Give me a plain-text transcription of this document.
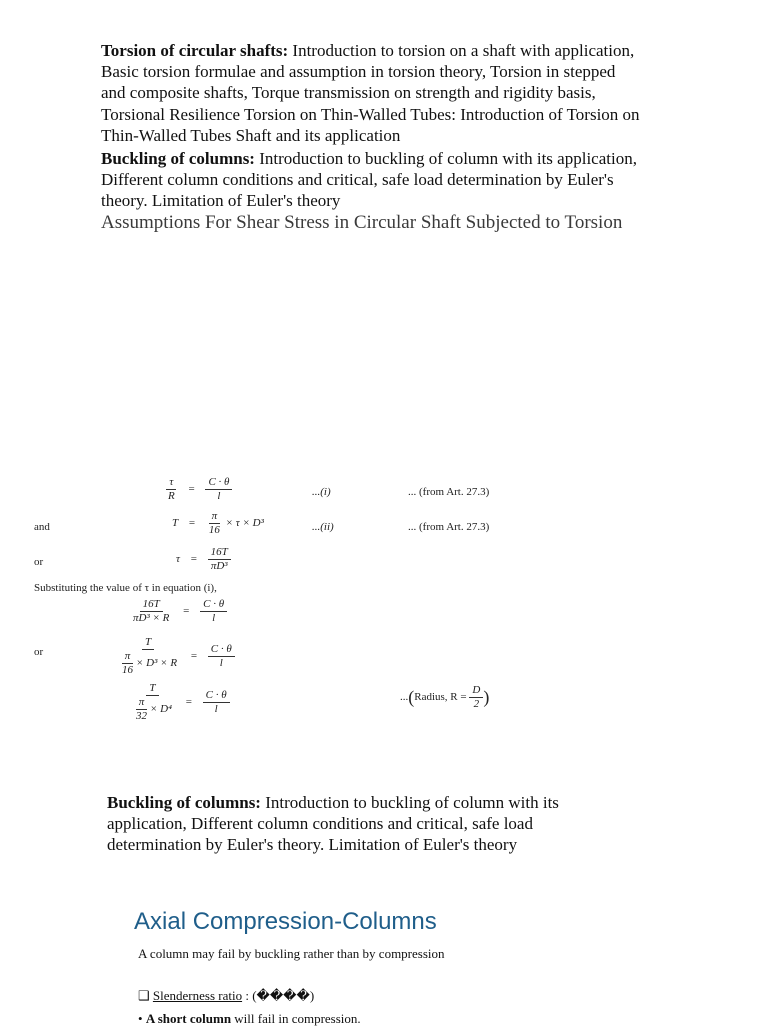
Torsion of circular shafts: Introduction to torsion on a shaft with application,
Basic torsion formulae and assumption in torsion theory, Torsion in stepped
and composite shafts, Torque transmission on strength and rigidity basis,
Torsional Resilience Torsion on Thin-Walled Tubes: Introduction of Torsion on
Thin-Walled Tubes Shaft and its application
Buckling of columns: Introduction to buckling of column with its application,
Different column conditions and critical, safe load determination by Euler's
theory. Limitation of Euler's theory
Assumptions For Shear Stress in Circular Shaft Subjected to Torsion
$\frac{\tau}{R} = \frac{C \cdot \theta}{l}$	...(i)	... (from Art. 27.3)
and	$T = \frac{\pi}{16} \times \tau \times D^3$	...(ii)	... (from Art. 27.3)
or	$\tau = \frac{16T}{\text{πD³}}$
Substituting the value of τ in equation (i),
$\frac{16T}{\text{πD³ × R}} = \frac{C \cdot \theta}{l}$
or	$\frac{T}{\frac{\pi}{16} \times D^3 \times R} = \frac{C \cdot \theta}{l}$
$\frac{T}{\frac{\pi}{32} \times D^4} = \frac{C \cdot \theta}{l}$	...(Radius, $R = \frac{D}{2}$ )
Buckling of columns: Introduction to buckling of column with its
application, Different column conditions and critical, safe load
determination by Euler's theory. Limitation of Euler's theory
Axial Compression-Columns
A column may fail by buckling rather than by compression
❑ Slenderness ratio : (����)
• A short column will fail in compression.
